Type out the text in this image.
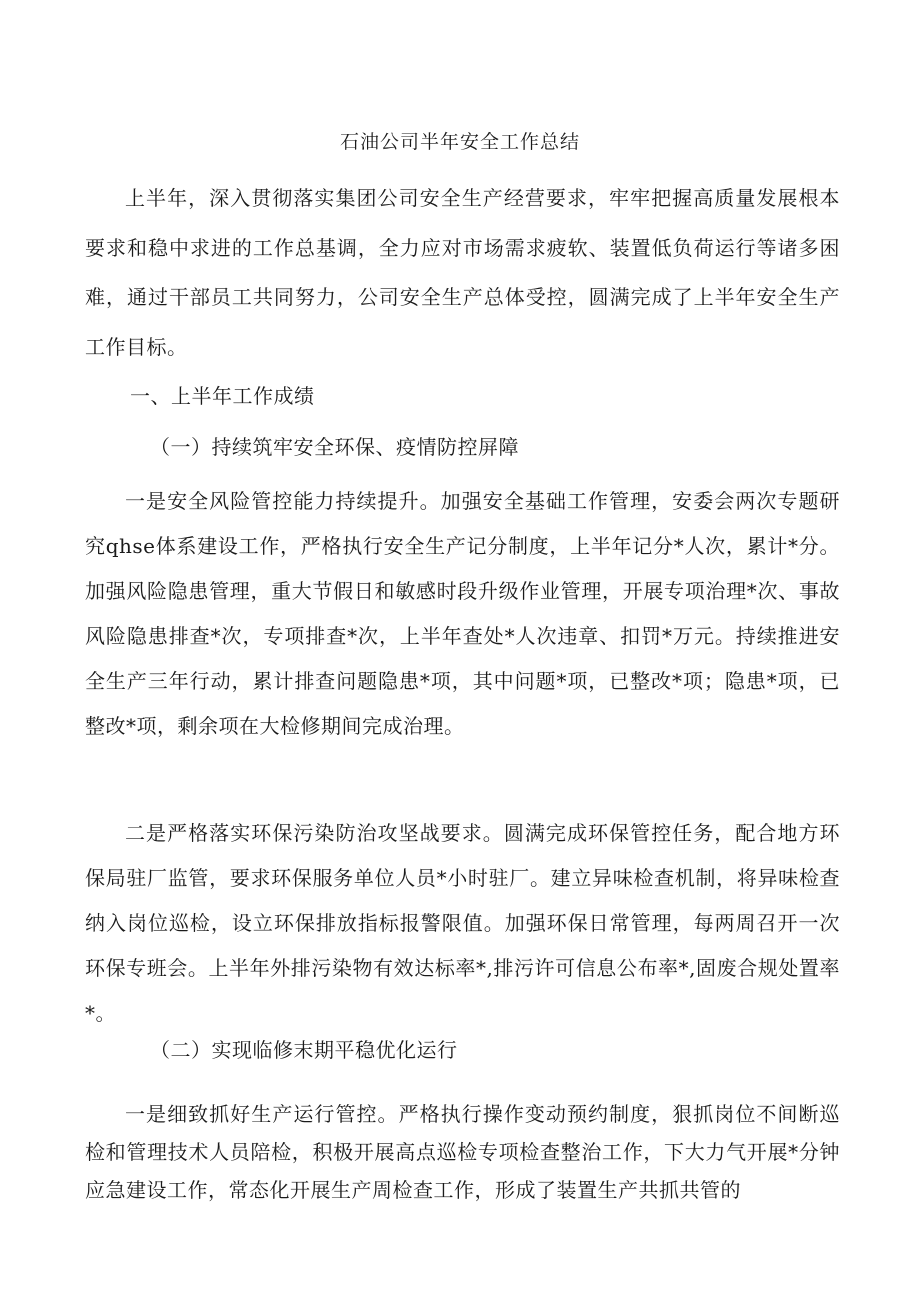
石油公司半年安全工作总结

上半年，深入贯彻落实集团公司安全生产经营要求，牢牢把握高质量发展根本要求和稳中求进的工作总基调，全力应对市场需求疲软、装置低负荷运行等诸多困难，通过干部员工共同努力，公司安全生产总体受控，圆满完成了上半年安全生产工作目标。

一、上半年工作成绩
（一）持续筑牢安全环保、疫情防控屏障

一是安全风险管控能力持续提升。加强安全基础工作管理，安委会两次专题研究qhse体系建设工作，严格执行安全生产记分制度，上半年记分*人次，累计*分。加强风险隐患管理，重大节假日和敏感时段升级作业管理，开展专项治理*次、事故风险隐患排查*次，专项排查*次，上半年查处*人次违章、扣罚*万元。持续推进安全生产三年行动，累计排查问题隐患*项，其中问题*项，已整改*项；隐患*项，已整改*项，剩余项在大检修期间完成治理。

二是严格落实环保污染防治攻坚战要求。圆满完成环保管控任务，配合地方环保局驻厂监管，要求环保服务单位人员*小时驻厂。建立异味检查机制，将异味检查纳入岗位巡检，设立环保排放指标报警限值。加强环保日常管理，每两周召开一次环保专班会。上半年外排污染物有效达标率*,排污许可信息公布率*,固废合规处置率*。

（二）实现临修末期平稳优化运行

一是细致抓好生产运行管控。严格执行操作变动预约制度，狠抓岗位不间断巡检和管理技术人员陪检，积极开展高点巡检专项检查整治工作，下大力气开展*分钟应急建设工作，常态化开展生产周检查工作，形成了装置生产共抓共管的
